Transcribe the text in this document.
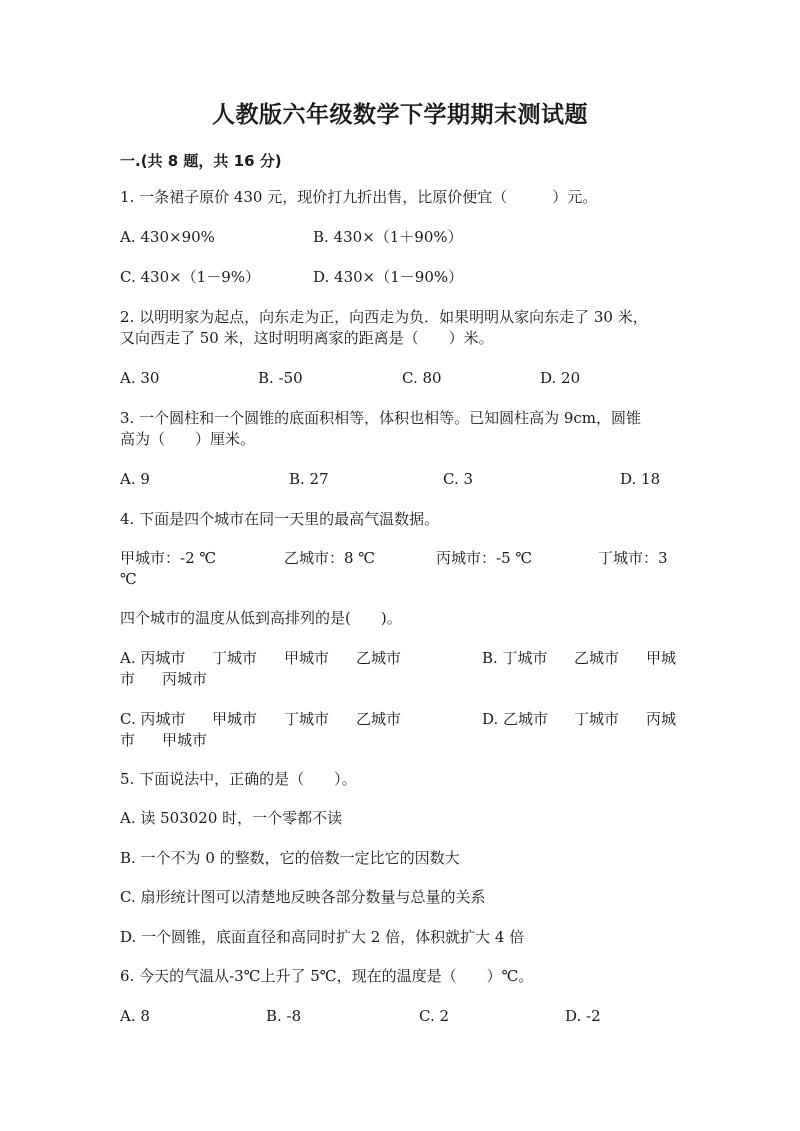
人教版六年级数学下学期期末测试题
一.(共 8 题，共 16 分)
1. 一条裙子原价 430 元，现价打九折出售，比原价便宜（　　　）元。
A. 430×90%	B. 430×（1＋90%）
C. 430×（1－9%）	D. 430×（1－90%）
2. 以明明家为起点，向东走为正，向西走为负．如果明明从家向东走了 30 米，
又向西走了 50 米，这时明明离家的距离是（　　）米。
A. 30	B. -50	C. 80	D. 20
3. 一个圆柱和一个圆锥的底面积相等，体积也相等。已知圆柱高为 9cm，圆锥
高为（　　）厘米。
A. 9	B. 27	C. 3	D. 18
4. 下面是四个城市在同一天里的最高气温数据。
甲城市：-2 ℃	乙城市：8 ℃	丙城市：-5 ℃	丁城市：3
℃
四个城市的温度从低到高排列的是(　　)。
A. 丙城市 丁城市 甲城市 乙城市	B. 丁城市 乙城市 甲城
市 丙城市
C. 丙城市 甲城市 丁城市 乙城市	D. 乙城市 丁城市 丙城
市 甲城市
5. 下面说法中，正确的是（　　）。
A. 读 503020 时，一个零都不读
B. 一个不为 0 的整数，它的倍数一定比它的因数大
C. 扇形统计图可以清楚地反映各部分数量与总量的关系
D. 一个圆锥，底面直径和高同时扩大 2 倍，体积就扩大 4 倍
6. 今天的气温从-3℃上升了 5℃，现在的温度是（　　）℃。
A. 8	B. -8	C. 2	D. -2
